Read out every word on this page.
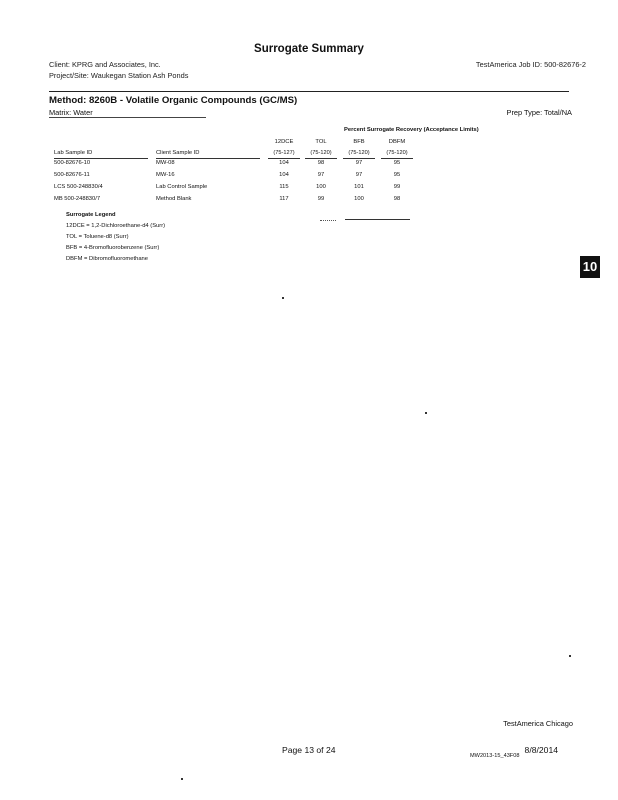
Surrogate Summary
Client: KPRG and Associates, Inc.	TestAmerica Job ID: 500-82676-2
Project/Site: Waukegan Station Ash Ponds
Method: 8260B - Volatile Organic Compounds (GC/MS)
Matrix: Water	Prep Type: Total/NA
Percent Surrogate Recovery (Acceptance Limits)
12DCE	TOL	BFB	DBFM
Lab Sample ID	Client Sample ID	(75-127)	(75-120)	(75-120)	(75-120)
500-82676-10	MW-08	104	98	97	95
500-82676-11	MW-16	104	97	97	95
LCS 500-248830/4	Lab Control Sample	115	100	101	99
MB 500-248830/7	Method Blank	117	99	100	98
Surrogate Legend
12DCE = 1,2-Dichloroethane-d4 (Surr)
TOL = Toluene-d8 (Surr)
BFB = 4-Bromofluorobenzene (Surr)
DBFM = Dibromofluoromethane	10
TestAmerica Chicago
Page 13 of 24	8/8/2014
MW2013-15_43F08
